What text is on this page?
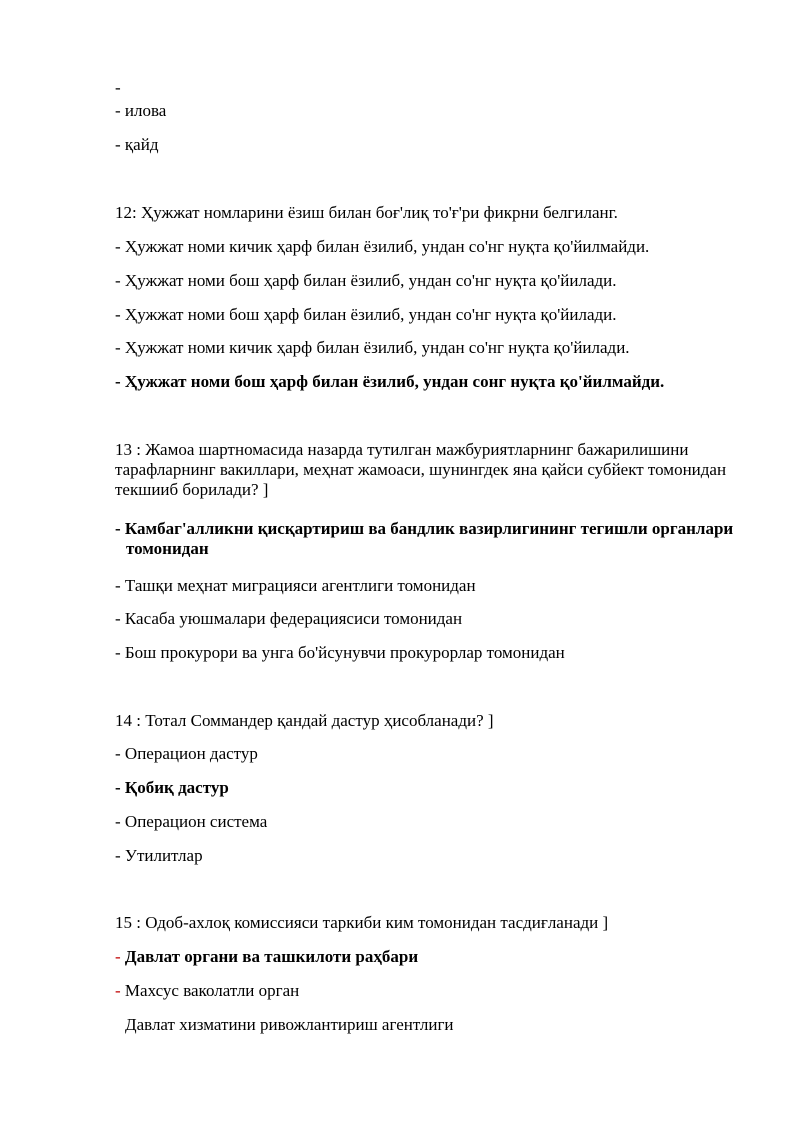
-
- илова
- қайд
12: Ҳужжат номларини ёзиш билан боғ'лиқ то'ғ'ри фикрни белгиланг.
- Ҳужжат номи кичик ҳарф билан ёзилиб, ундан со'нг нуқта қо'йилмайди.
- Ҳужжат номи бош ҳарф билан ёзилиб, ундан со'нг нуқта қо'йилади.
- Ҳужжат номи бош ҳарф билан ёзилиб, ундан со'нг нуқта қо'йилади.
- Ҳужжат номи кичик ҳарф билан ёзилиб, ундан со'нг нуқта қо'йилади.
- Ҳужжат номи бош ҳарф билан ёзилиб, ундан сонг нуқта қо'йилмайди.
13 : Жамоа шартномасида назарда тутилган мажбуриятларнинг бажарилишини тарафларнинг вакиллари, меҳнат жамоаси, шунингдек яна қайси субйект томонидан текшииб борилади? ]
- Камбаг'алликни қисқартириш ва бандлик вазирлигининг тегишли органлари томонидан
- Ташқи меҳнат миграцияси агентлиги томонидан
- Касаба уюшмалари федерациясиси томонидан
- Бош прокурори ва унга бо'йсунувчи прокурорлар томонидан
14 : Тотал Соммандер қандай дастур ҳисобланади? ]
- Операцион дастур
- Қобиқ дастур
- Операцион система
- Утилитлар
15 : Одоб-ахлоқ комиссияси таркиби ким томонидан тасдиғланади ]
- Давлат органи ва ташкилоти раҳбари
- Махсус ваколатли орган
Давлат хизматини ривожлантириш агентлиги
